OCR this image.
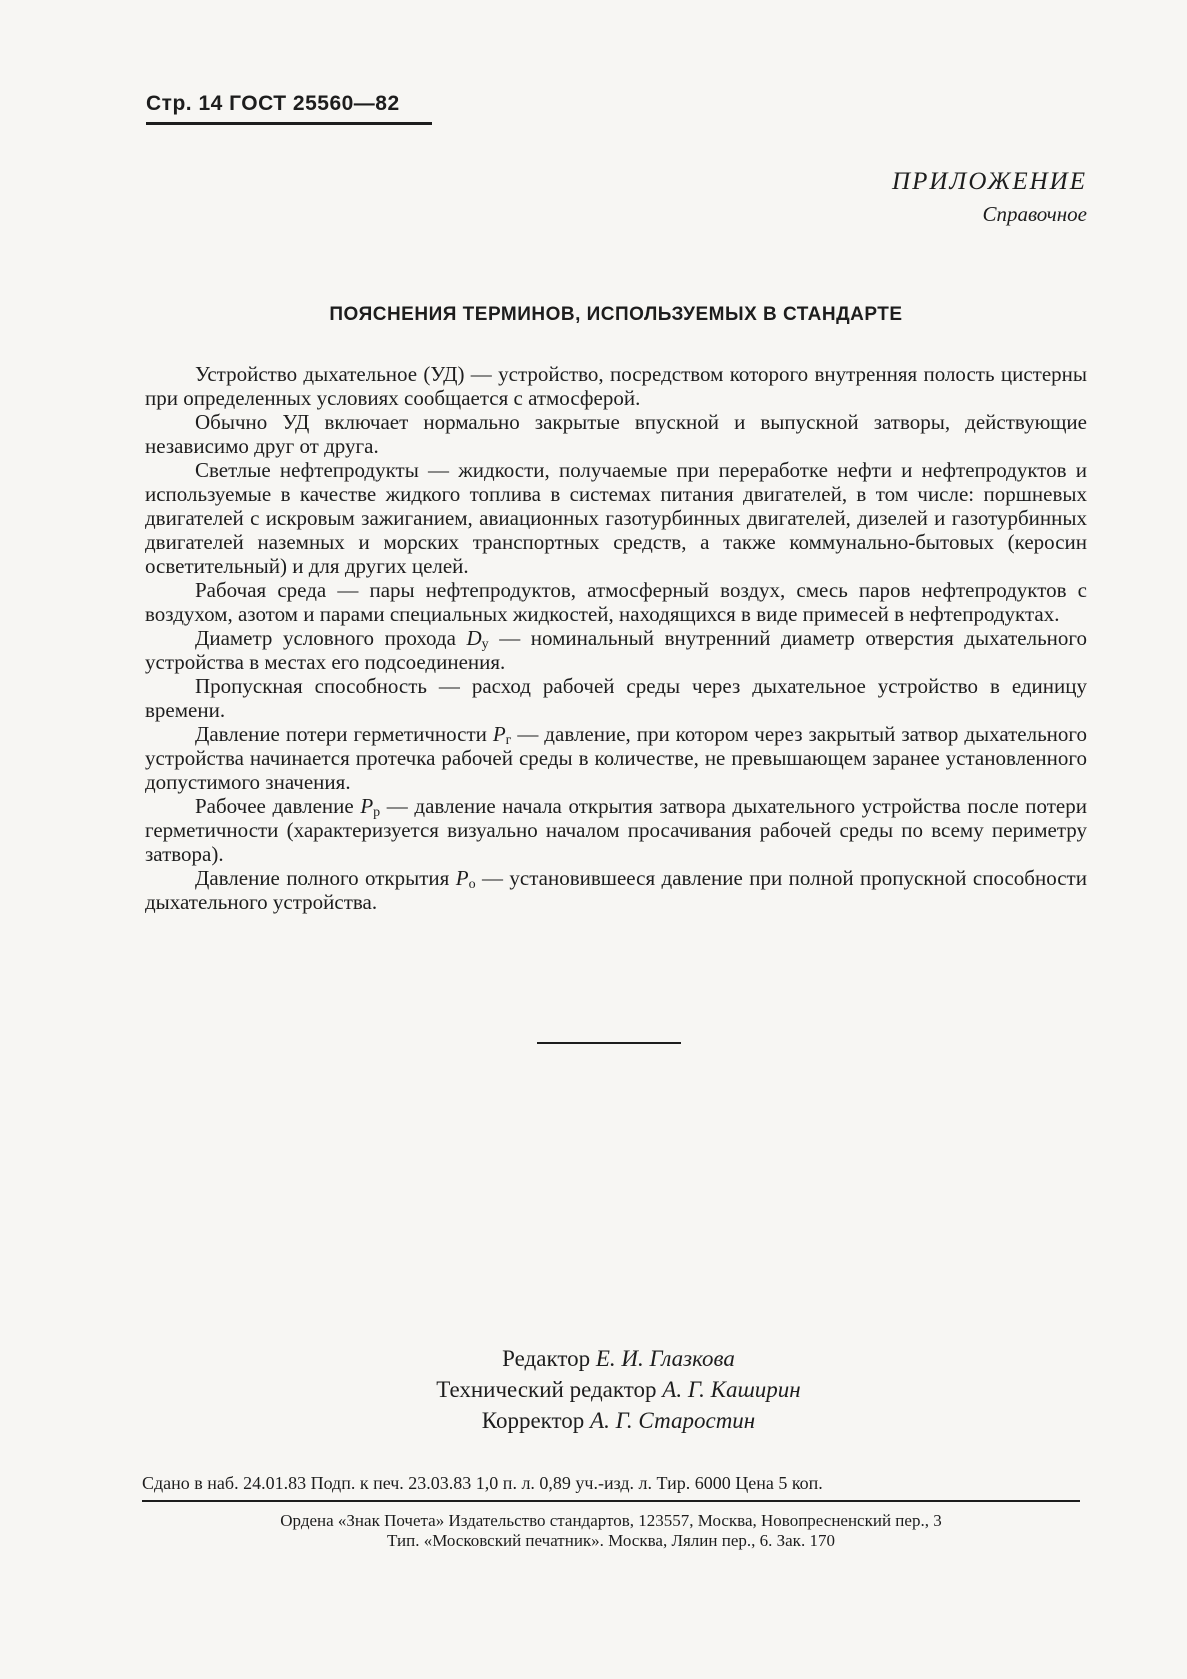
Стр. 14 ГОСТ 25560—82
ПРИЛОЖЕНИЕ
Справочное
ПОЯСНЕНИЯ ТЕРМИНОВ, ИСПОЛЬЗУЕМЫХ В СТАНДАРТЕ

Устройство дыхательное (УД) — устройство, посредством которого внутренняя полость цистерны при определенных условиях сообщается с атмосферой.

Обычно УД включает нормально закрытые впускной и выпускной затворы, действующие независимо друг от друга.

Светлые нефтепродукты — жидкости, получаемые при переработке нефти и нефтепродуктов и используемые в качестве жидкого топлива в системах питания двигателей, в том числе: поршневых двигателей с искровым зажиганием, авиационных газотурбинных двигателей, дизелей и газотурбинных двигателей наземных и морских транспортных средств, а также коммунально-бытовых (керосин осветительный) и для других целей.

Рабочая среда — пары нефтепродуктов, атмосферный воздух, смесь паров нефтепродуктов с воздухом, азотом и парами специальных жидкостей, находящихся в виде примесей в нефтепродуктах.

Диаметр условного прохода $D_у$ — номинальный внутренний диаметр отверстия дыхательного устройства в местах его подсоединения.

Пропускная способность — расход рабочей среды через дыхательное устройство в единицу времени.

Давление потери герметичности $P_г$ — давление, при котором через закрытый затвор дыхательного устройства начинается протечка рабочей среды в количестве, не превышающем заранее установленного допустимого значения.

Рабочее давление $P_р$ — давление начала открытия затвора дыхательного устройства после потери герметичности (характеризуется визуально началом просачивания рабочей среды по всему периметру затвора).

Давление полного открытия $P_о$ — установившееся давление при полной пропускной способности дыхательного устройства.

Редактор Е. И. Глазкова
Технический редактор А. Г. Каширин
Корректор А. Г. Старостин
Сдано в наб. 24.01.83 Подп. к печ. 23.03.83 1,0 п. л. 0,89 уч.-изд. л. Тир. 6000 Цена 5 коп.
Ордена «Знак Почета» Издательство стандартов, 123557, Москва, Новопресненский пер., 3
Тип. «Московский печатник». Москва, Лялин пер., 6. Зак. 170
